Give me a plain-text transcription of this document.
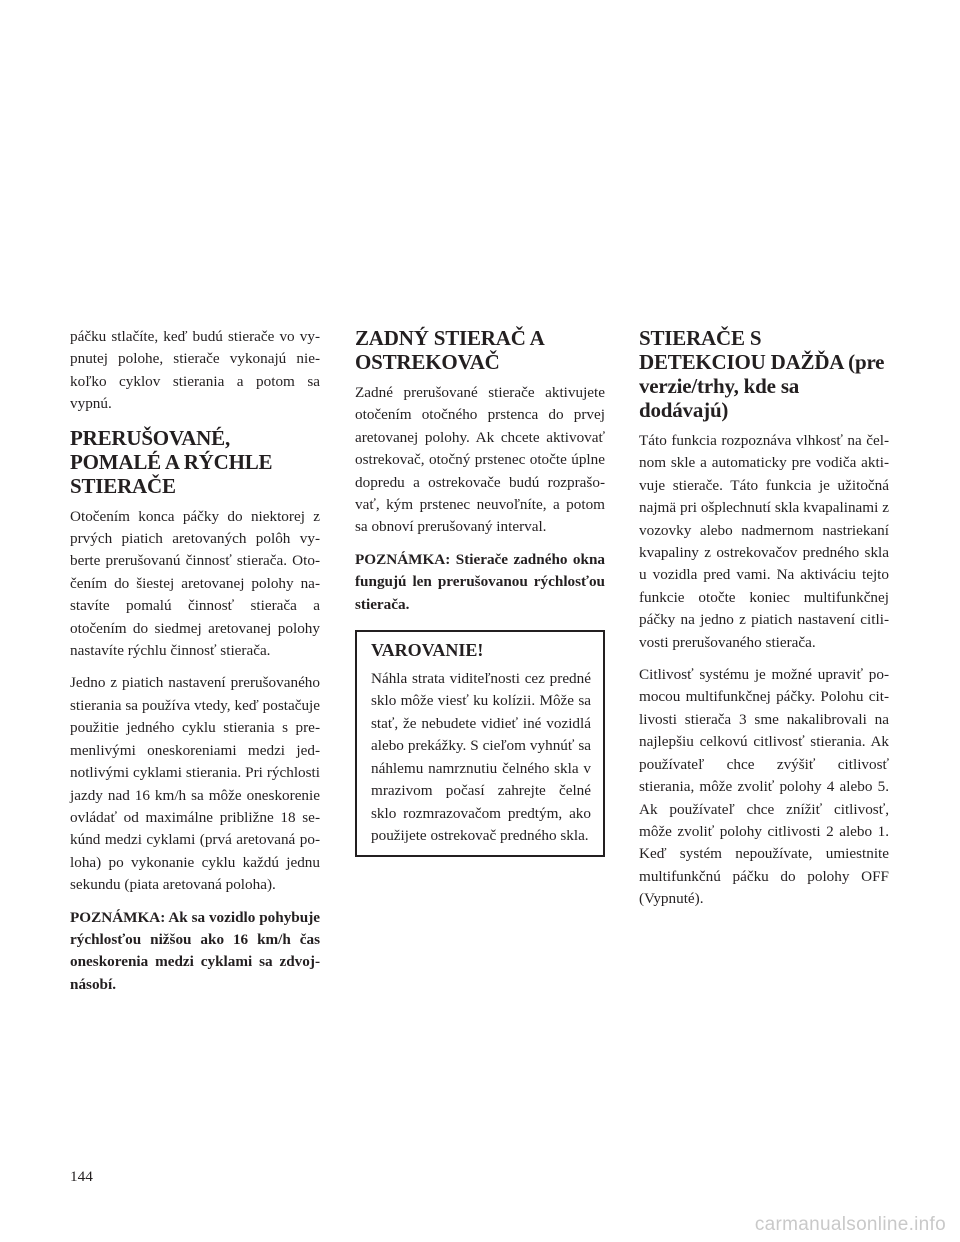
páčku stlačíte, keď budú stierače vo vypnutej polohe, stierače vykonajú niekoľko cyklov stierania a potom sa vypnú.

PRERUŠOVANÉ, POMALÉ A RÝCHLE STIERAČE

Otočením konca páčky do niektorej z prvých piatich aretovaných polôh vyberte prerušovanú činnosť stierača. Otočením do šiestej aretovanej polohy nastavíte pomalú činnosť stierača a otočením do siedmej aretovanej polohy nastavíte rýchlu činnosť stierača.

Jedno z piatich nastavení prerušovaného stierania sa používa vtedy, keď postačuje použitie jedného cyklu stierania s premenlivými oneskoreniami medzi jednotlivými cyklami stierania. Pri rýchlosti jazdy nad 16 km/h sa môže oneskorenie ovládať od maximálne približne 18 sekúnd medzi cyklami (prvá aretovaná poloha) po vykonanie cyklu každú jednu sekundu (piata aretovaná poloha).

POZNÁMKA: Ak sa vozidlo pohybuje rýchlosťou nižšou ako 16 km/h čas oneskorenia medzi cyklami sa zdvojnásobí.

ZADNÝ STIERAČ A OSTREKOVAČ

Zadné prerušované stierače aktivujete otočením otočného prstenca do prvej aretovanej polohy. Ak chcete aktivovať ostrekovač, otočný prstenec otočte úplne dopredu a ostrekovače budú rozprašovať, kým prstenec neuvoľníte, a potom sa obnoví prerušovaný interval.

POZNÁMKA: Stierače zadného okna fungujú len prerušovanou rýchlosťou stierača.

VAROVANIE!

Náhla strata viditeľnosti cez predné sklo môže viesť ku kolízii. Môže sa stať, že nebudete vidieť iné vozidlá alebo prekážky. S cieľom vyhnúť sa náhlemu namrznutiu čelného skla v mrazivom počasí zahrejte čelné sklo rozmrazovačom predtým, ako použijete ostrekovač predného skla.

STIERAČE S DETEKCIOU DAŽĎA (pre verzie/trhy, kde sa dodávajú)

Táto funkcia rozpoznáva vlhkosť na čelnom skle a automaticky pre vodiča aktivuje stierače. Táto funkcia je užitočná najmä pri ošplechnutí skla kvapalinami z vozovky alebo nadmernom nastriekaní kvapaliny z ostrekovačov predného skla u vozidla pred vami. Na aktiváciu tejto funkcie otočte koniec multifunkčnej páčky na jedno z piatich nastavení citlivosti prerušovaného stierača.

Citlivosť systému je možné upraviť pomocou multifunkčnej páčky. Polohu citlivosti stierača 3 sme nakalibrovali na najlepšiu celkovú citlivosť stierania. Ak používateľ chce zvýšiť citlivosť stierania, môže zvoliť polohy 4 alebo 5. Ak používateľ chce znížiť citlivosť, môže zvoliť polohy citlivosti 2 alebo 1. Keď systém nepoužívate, umiestnite multifunkčnú páčku do polohy OFF (Vypnuté).

144
carmanualsonline.info
